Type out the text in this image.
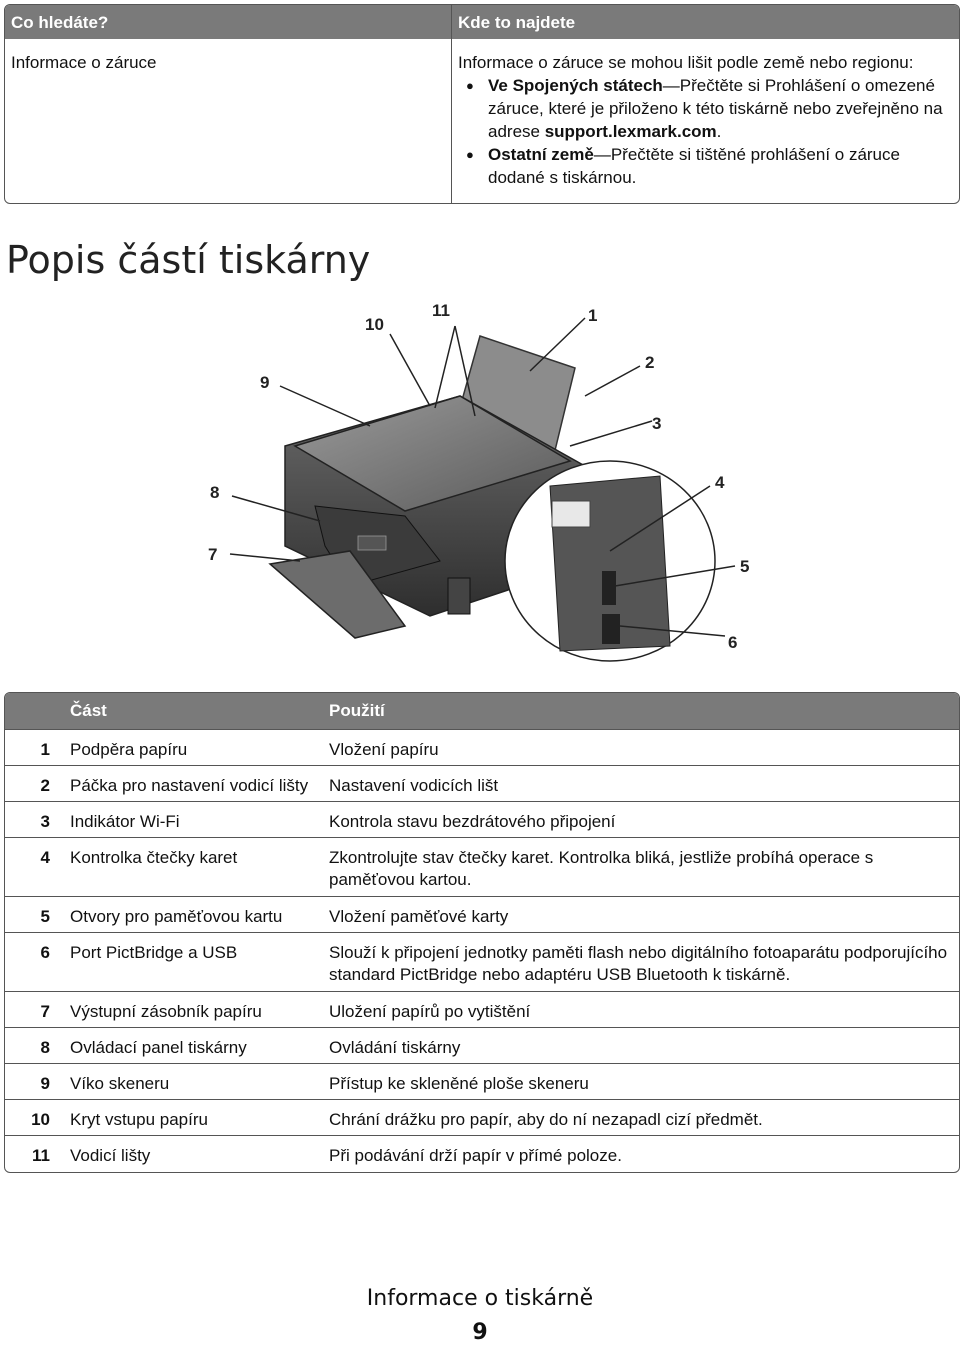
Co hledáte?	Kde to najdete
Informace o záruce	Informace o záruce se mohou lišit podle země nebo regionu:
● Ve Spojených státech—Přečtěte si Prohlášení o omezené záruce, které je přiloženo k této tiskárně nebo zveřejněno na adrese support.lexmark.com.
● Ostatní země—Přečtěte si tištěné prohlášení o záruce dodané s tiskárnou.
Popis částí tiskárny
1
2
3
4
5
6
7
8
9
10
11
Část	Použití
1	Podpěra papíru	Vložení papíru
2	Páčka pro nastavení vodicí lišty	Nastavení vodicích lišt
3	Indikátor Wi-Fi	Kontrola stavu bezdrátového připojení
4	Kontrolka čtečky karet	Zkontrolujte stav čtečky karet. Kontrolka bliká, jestliže probíhá operace s paměťovou kartou.
5	Otvory pro paměťovou kartu	Vložení paměťové karty
6	Port PictBridge a USB	Slouží k připojení jednotky paměti flash nebo digitálního fotoaparátu podporujícího standard PictBridge nebo adaptéru USB Bluetooth k tiskárně.
7	Výstupní zásobník papíru	Uložení papírů po vytištění
8	Ovládací panel tiskárny	Ovládání tiskárny
9	Víko skeneru	Přístup ke skleněné ploše skeneru
10	Kryt vstupu papíru	Chrání drážku pro papír, aby do ní nezapadl cizí předmět.
11	Vodicí lišty	Při podávání drží papír v přímé poloze.
Informace o tiskárně
9
